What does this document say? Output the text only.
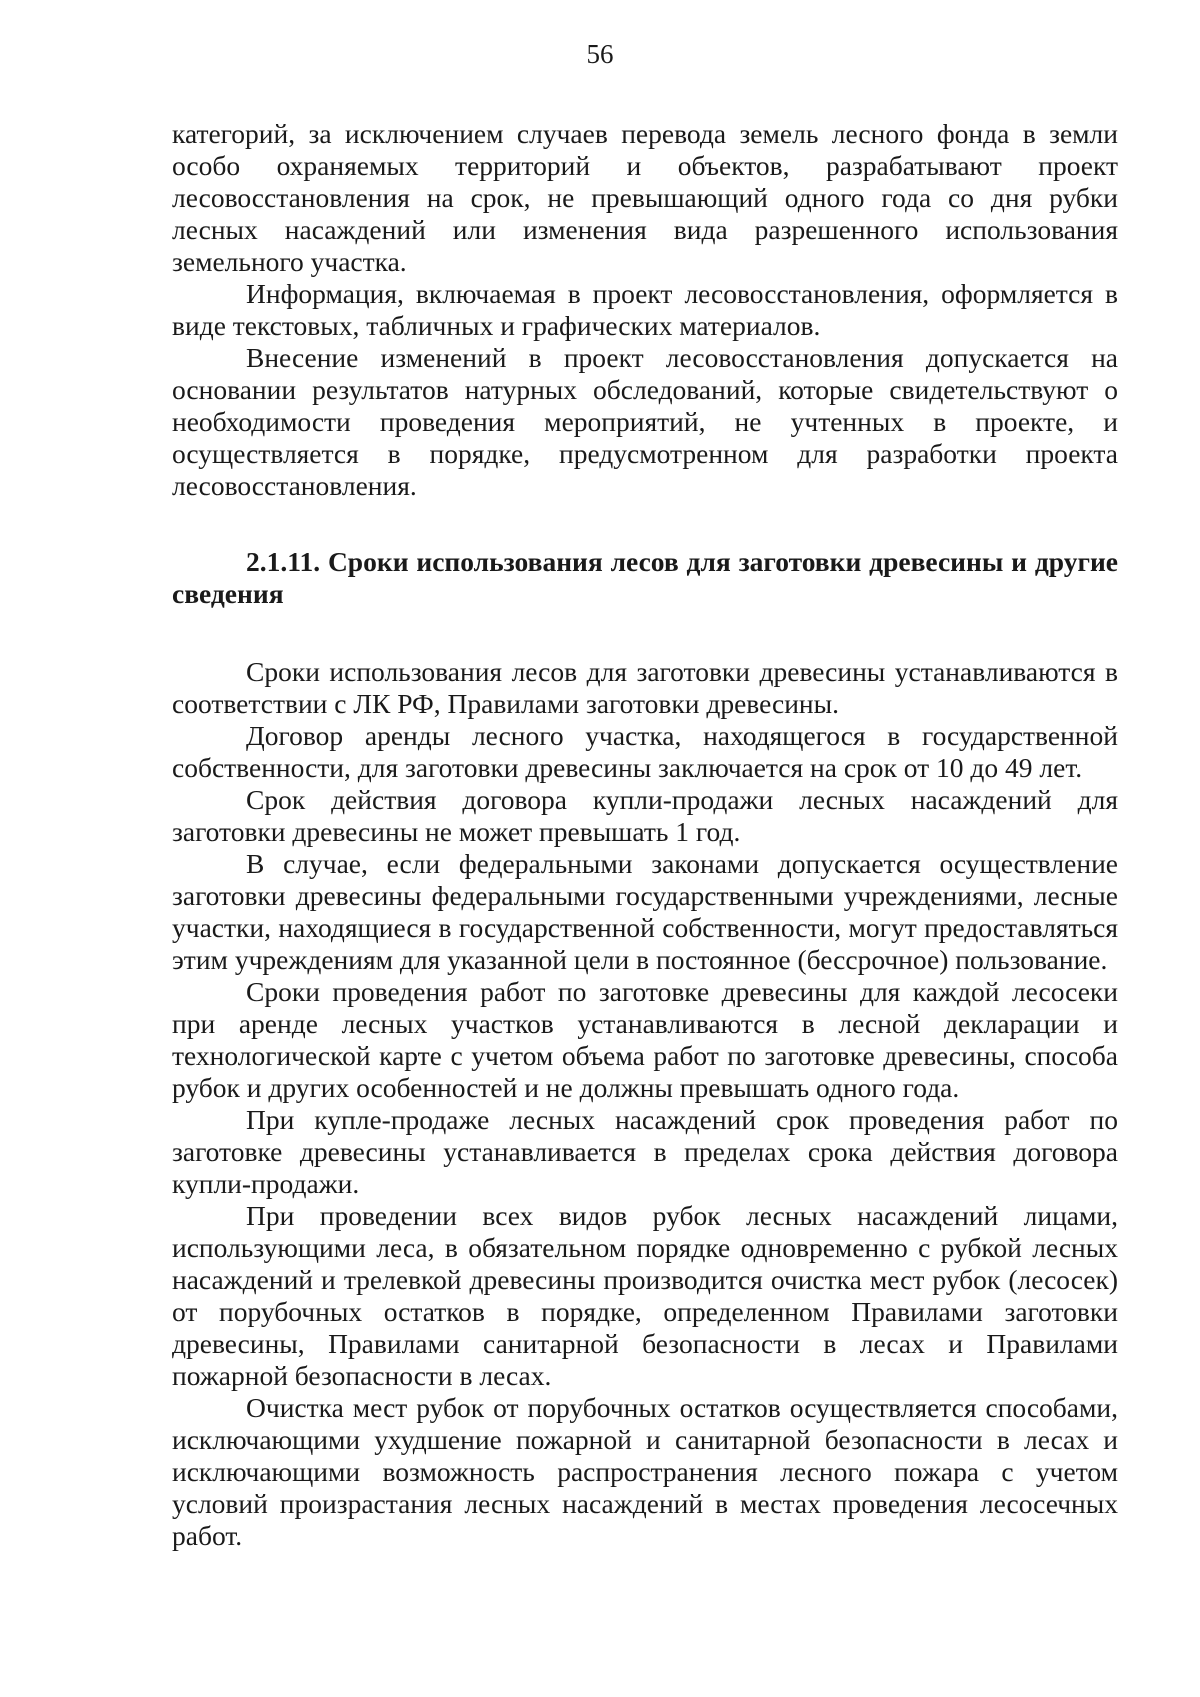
56

категорий, за исключением случаев перевода земель лесного фонда в земли особо охраняемых территорий и объектов, разрабатывают проект лесовосстановления на срок, не превышающий одного года со дня рубки лесных насаждений или изменения вида разрешенного использования земельного участка.

Информация, включаемая в проект лесовосстановления, оформляется в виде текстовых, табличных и графических материалов.

Внесение изменений в проект лесовосстановления допускается на основании результатов натурных обследований, которые свидетельствуют о необходимости проведения мероприятий, не учтенных в проекте, и осуществляется в порядке, предусмотренном для разработки проекта лесовосстановления.

2.1.11. Сроки использования лесов для заготовки древесины и другие сведения

Сроки использования лесов для заготовки древесины устанавливаются в соответствии с ЛК РФ, Правилами заготовки древесины.

Договор аренды лесного участка, находящегося в государственной собственности, для заготовки древесины заключается на срок от 10 до 49 лет.

Срок действия договора купли-продажи лесных насаждений для заготовки древесины не может превышать 1 год.

В случае, если федеральными законами допускается осуществление заготовки древесины федеральными государственными учреждениями, лесные участки, находящиеся в государственной собственности, могут предоставляться этим учреждениям для указанной цели в постоянное (бессрочное) пользование.

Сроки проведения работ по заготовке древесины для каждой лесосеки при аренде лесных участков устанавливаются в лесной декларации и технологической карте с учетом объема работ по заготовке древесины, способа рубок и других особенностей и не должны превышать одного года.

При купле-продаже лесных насаждений срок проведения работ по заготовке древесины устанавливается в пределах срока действия договора купли-продажи.

При проведении всех видов рубок лесных насаждений лицами, использующими леса, в обязательном порядке одновременно с рубкой лесных насаждений и трелевкой древесины производится очистка мест рубок (лесосек) от порубочных остатков в порядке, определенном Правилами заготовки древесины, Правилами санитарной безопасности в лесах и Правилами пожарной безопасности в лесах.

Очистка мест рубок от порубочных остатков осуществляется способами, исключающими ухудшение пожарной и санитарной безопасности в лесах и исключающими возможность распространения лесного пожара с учетом условий произрастания лесных насаждений в местах проведения лесосечных работ.
